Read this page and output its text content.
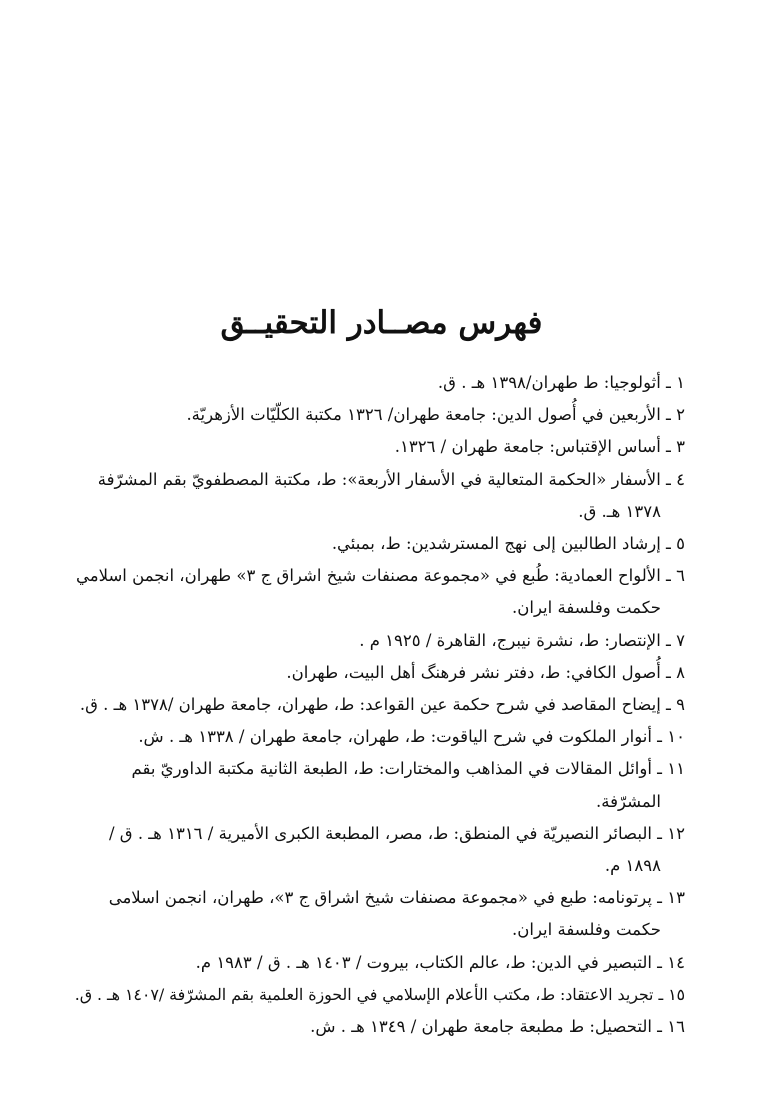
فهرس مصــادر التحقيــق
١ ـ أثولوجيا: ط طهران/١٣٩٨ هـ . ق.
٢ ـ الأربعين في أُصول الدين: جامعة طهران/ ١٣٢٦ مكتبة الكلّيّات الأزهريّة.
٣ ـ أساس الإقتباس: جامعة طهران / ١٣٢٦.
٤ ـ الأسفار «الحكمة المتعالية في الأسفار الأربعة»: ط، مكتبة المصطفويّ بقم المشرّفة
١٣٧٨ هـ. ق.
٥ ـ إرشاد الطالبين إلى نهج المسترشدين: ط، بمبئي.
٦ ـ الألواح العمادية: طُبع في «مجموعة مصنفات شيخ اشراق ج ٣» طهران، انجمن اسلامي
حكمت وفلسفة ايران.
٧ ـ الإنتصار: ط، نشرة نيبرج، القاهرة / ١٩٢٥ م .
٨ ـ أُصول الكافي: ط، دفتر نشر فرهنگ أهل البيت، طهران.
٩ ـ إيضاح المقاصد في شرح حكمة عين القواعد: ط، طهران، جامعة طهران /١٣٧٨ هـ . ق.
١٠ ـ أنوار الملكوت في شرح الياقوت: ط، طهران، جامعة طهران / ١٣٣٨ هـ . ش.
١١ ـ أوائل المقالات في المذاهب والمختارات: ط، الطبعة الثانية مكتبة الداوريّ بقم
المشرّفة.
١٢ ـ البصائر النصيريّة في المنطق: ط، مصر، المطبعة الكبرى الأميرية / ١٣١٦ هـ . ق /
١٨٩٨ م.
١٣ ـ پرتونامه: طبع في «مجموعة مصنفات شيخ اشراق ج ٣»، طهران، انجمن اسلامى
حكمت وفلسفة ايران.
١٤ ـ التبصير في الدين: ط، عالم الكتاب، بيروت / ١٤٠٣ هـ . ق / ١٩٨٣ م.
١٥ ـ تجريد الاعتقاد: ط، مكتب الأعلام الإسلامي في الحوزة العلمية بقم المشرّفة /١٤٠٧ هـ . ق.
١٦ ـ التحصيل: ط مطبعة جامعة طهران / ١٣٤٩ هـ . ش.
